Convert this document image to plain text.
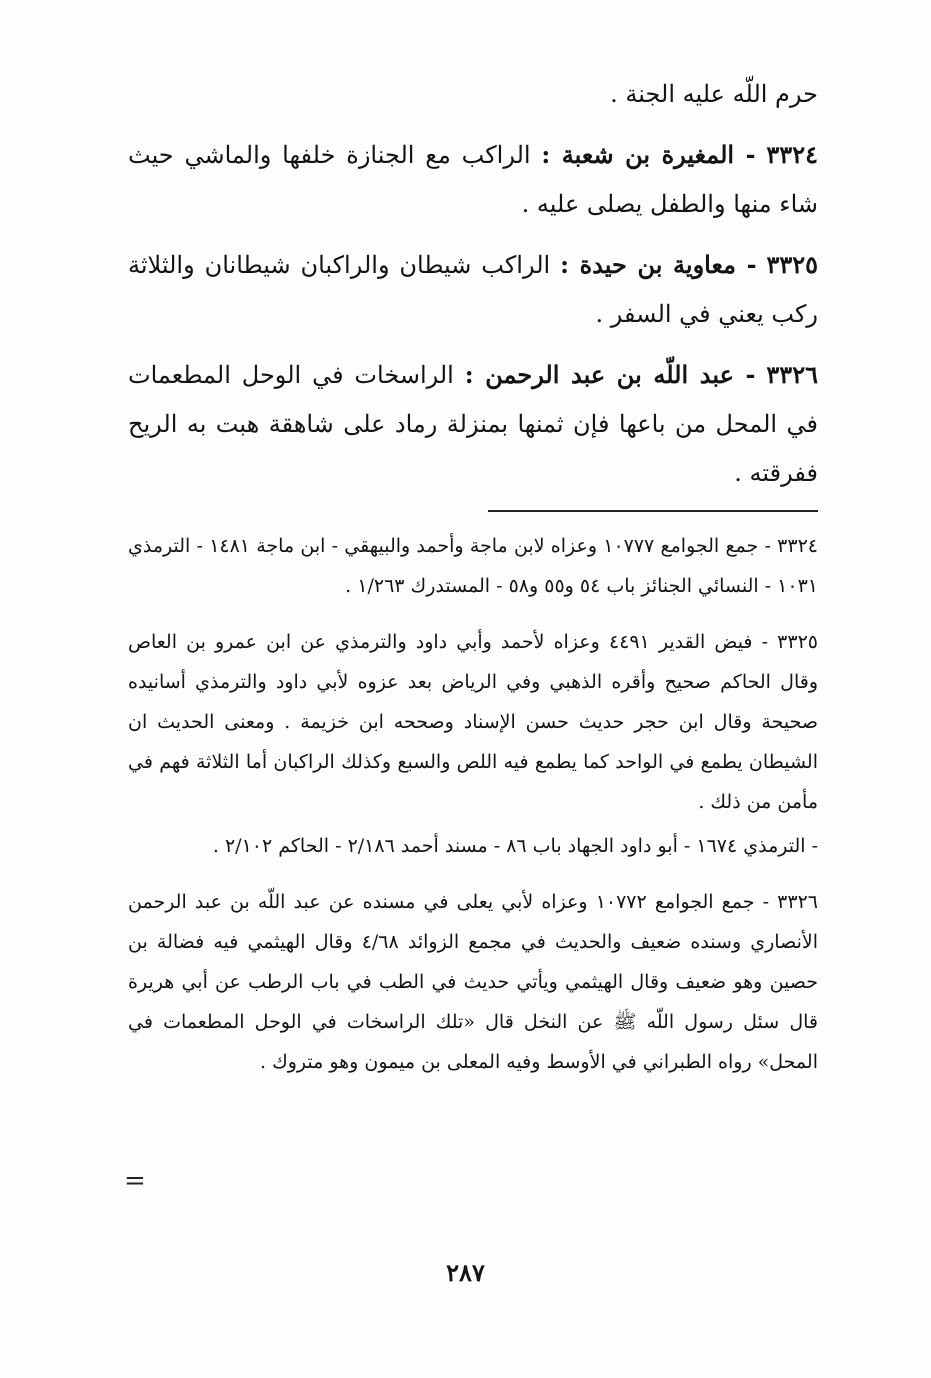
حرم اللّه عليه الجنة .

٣٣٢٤ - المغيرة بن شعبة : الراكب مع الجنازة خلفها والماشي حيث شاء منها والطفل يصلى عليه .

٣٣٢٥ - معاوية بن حيدة : الراكب شيطان والراكبان شيطانان والثلاثة ركب يعني في السفر .

٣٣٢٦ - عبد اللّه بن عبد الرحمن : الراسخات في الوحل المطعمات في المحل من باعها فإن ثمنها بمنزلة رماد على شاهقة هبت به الريح ففرقته .

٣٣٢٤ - جمع الجوامع ١٠٧٧٧ وعزاه لابن ماجة وأحمد والبيهقي - ابن ماجة ١٤٨١ - الترمذي ١٠٣١ - النسائي الجنائز باب ٥٤ و٥٥ و٥٨ - المستدرك ١/٢٦٣ .

٣٣٢٥ - فيض القدير ٤٤٩١ وعزاه لأحمد وأبي داود والترمذي عن ابن عمرو بن العاص وقال الحاكم صحيح وأقره الذهبي وفي الرياض بعد عزوه لأبي داود والترمذي أسانيده صحيحة وقال ابن حجر حديث حسن الإسناد وصححه ابن خزيمة . ومعنى الحديث ان الشيطان يطمع في الواحد كما يطمع فيه اللص والسبع وكذلك الراكبان أما الثلاثة فهم في مأمن من ذلك .

- الترمذي ١٦٧٤ - أبو داود الجهاد باب ٨٦ - مسند أحمد ٢/١٨٦ - الحاكم ٢/١٠٢ .

٣٣٢٦ - جمع الجوامع ١٠٧٧٢ وعزاه لأبي يعلى في مسنده عن عبد اللّه بن عبد الرحمن الأنصاري وسنده ضعيف والحديث في مجمع الزوائد ٤/٦٨ وقال الهيثمي فيه فضالة بن حصين وهو ضعيف وقال الهيثمي ويأتي حديث في الطب في باب الرطب عن أبي هريرة قال سئل رسول اللّه ﷺ عن النخل قال «تلك الراسخات في الوحل المطعمات في المحل» رواه الطبراني في الأوسط وفيه المعلى بن ميمون وهو متروك .

=
٢٨٧
